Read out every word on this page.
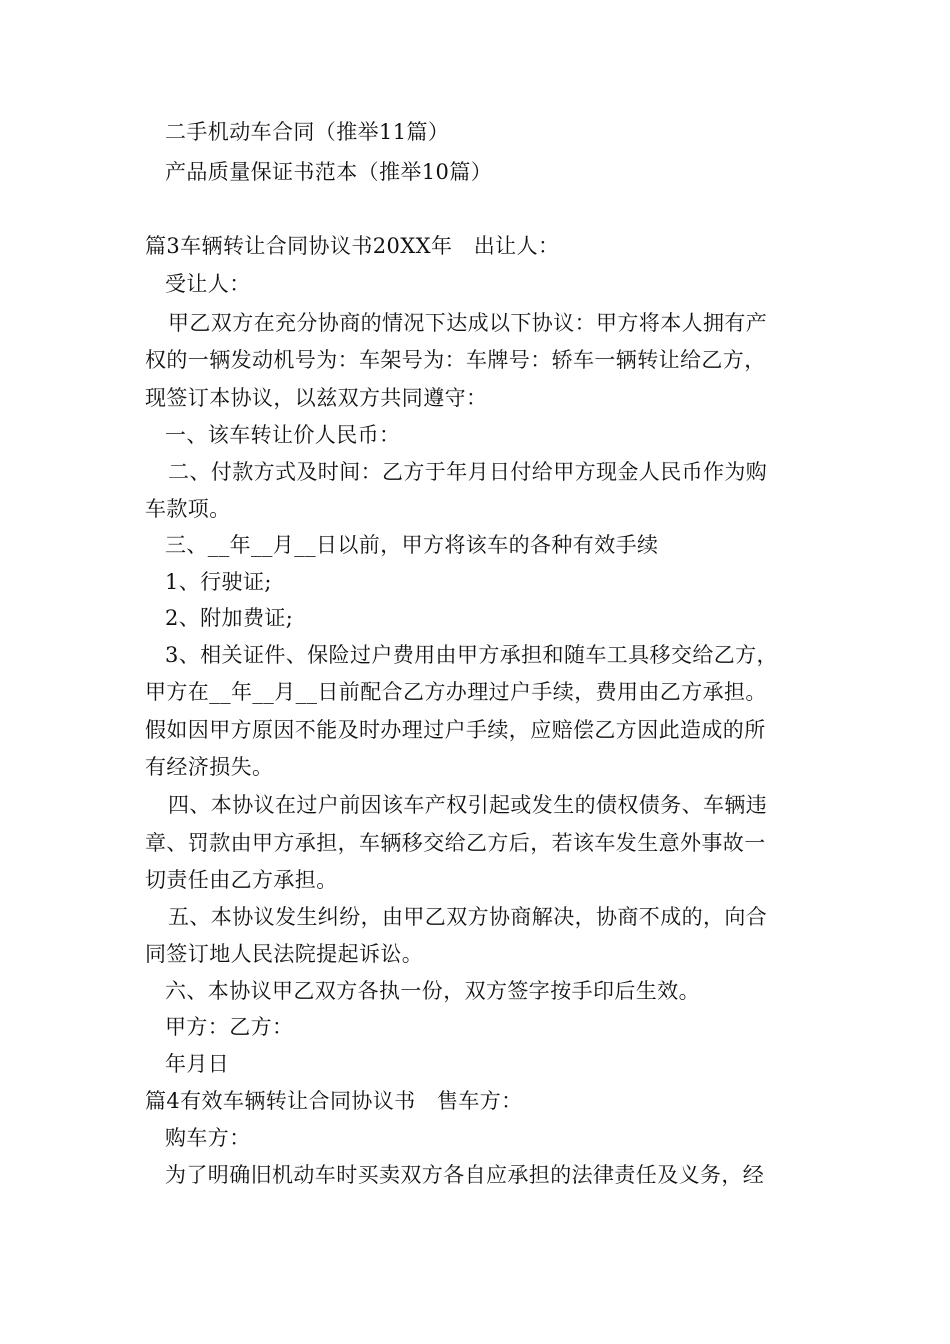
二手机动车合同（推举11篇）
产品质量保证书范本（推举10篇）
篇3车辆转让合同协议书20XX年　出让人：
受让人：
甲乙双方在充分协商的情况下达成以下协议：甲方将本人拥有产
权的一辆发动机号为：车架号为：车牌号：轿车一辆转让给乙方，
现签订本协议，以兹双方共同遵守：
一、该车转让价人民币：
二、付款方式及时间：乙方于年月日付给甲方现金人民币作为购
车款项。
三、__年__月__日以前，甲方将该车的各种有效手续
1、行驶证;
2、附加费证;
3、相关证件、保险过户费用由甲方承担和随车工具移交给乙方，
甲方在__年__月__日前配合乙方办理过户手续，费用由乙方承担。
假如因甲方原因不能及时办理过户手续，应赔偿乙方因此造成的所
有经济损失。
四、本协议在过户前因该车产权引起或发生的债权债务、车辆违
章、罚款由甲方承担，车辆移交给乙方后，若该车发生意外事故一
切责任由乙方承担。
五、本协议发生纠纷，由甲乙双方协商解决，协商不成的，向合
同签订地人民法院提起诉讼。
六、本协议甲乙双方各执一份，双方签字按手印后生效。
甲方：乙方：
年月日
篇4有效车辆转让合同协议书　售车方：
购车方：
为了明确旧机动车时买卖双方各自应承担的法律责任及义务，经
